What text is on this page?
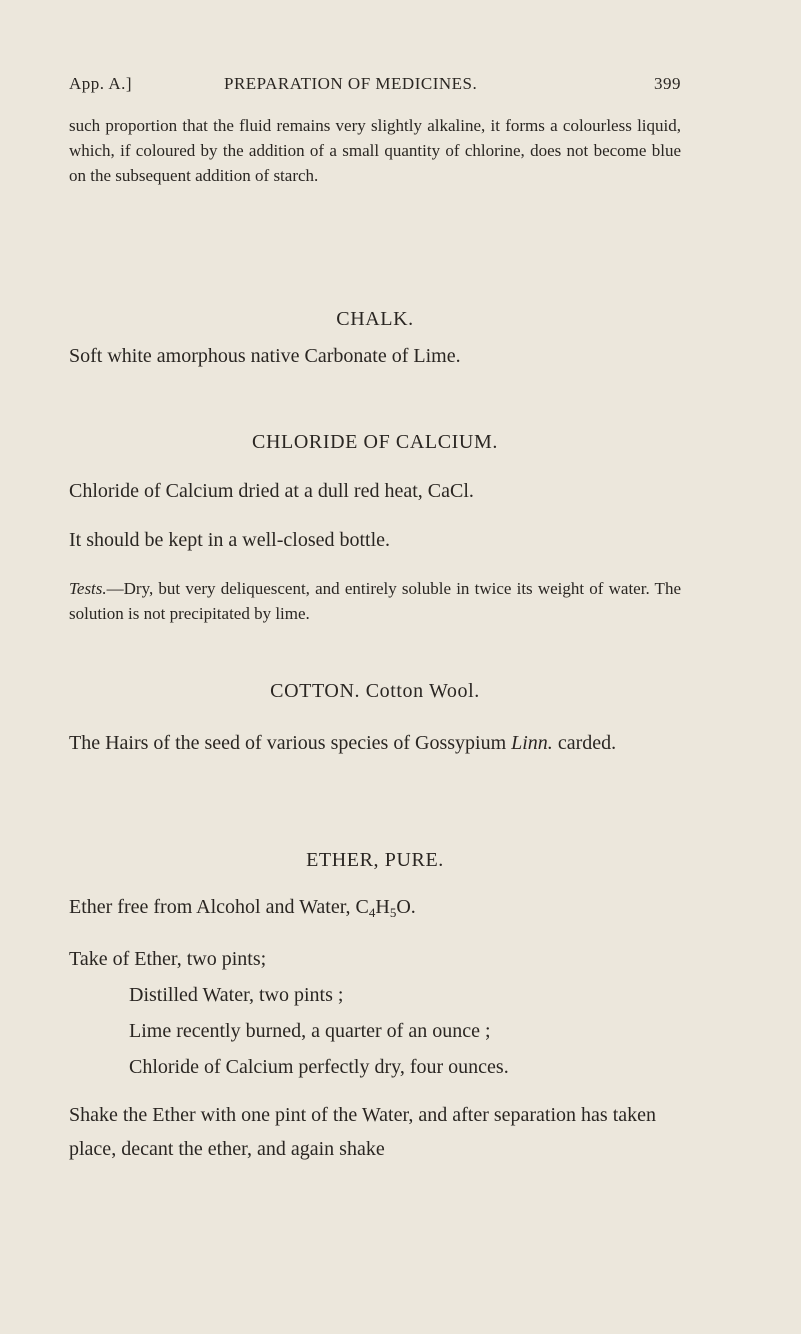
App. A.]	PREPARATION OF MEDICINES.	399

such proportion that the fluid remains very slightly alkaline, it forms a colourless liquid, which, if coloured by the addition of a small quantity of chlorine, does not become blue on the subsequent addition of starch.

CHALK.

Soft white amorphous native Carbonate of Lime.

CHLORIDE OF CALCIUM.

Chloride of Calcium dried at a dull red heat, CaCl.

It should be kept in a well-closed bottle.

Tests.—Dry, but very deliquescent, and entirely soluble in twice its weight of water. The solution is not precipitated by lime.

COTTON. Cotton Wool.

The Hairs of the seed of various species of Gossypium Linn. carded.

ETHER, PURE.

Ether free from Alcohol and Water, $C_4H_5O$.

Take of Ether, two pints;
Distilled Water, two pints ;
Lime recently burned, a quarter of an ounce ;
Chloride of Calcium perfectly dry, four ounces.

Shake the Ether with one pint of the Water, and after separation has taken place, decant the ether, and again shake
